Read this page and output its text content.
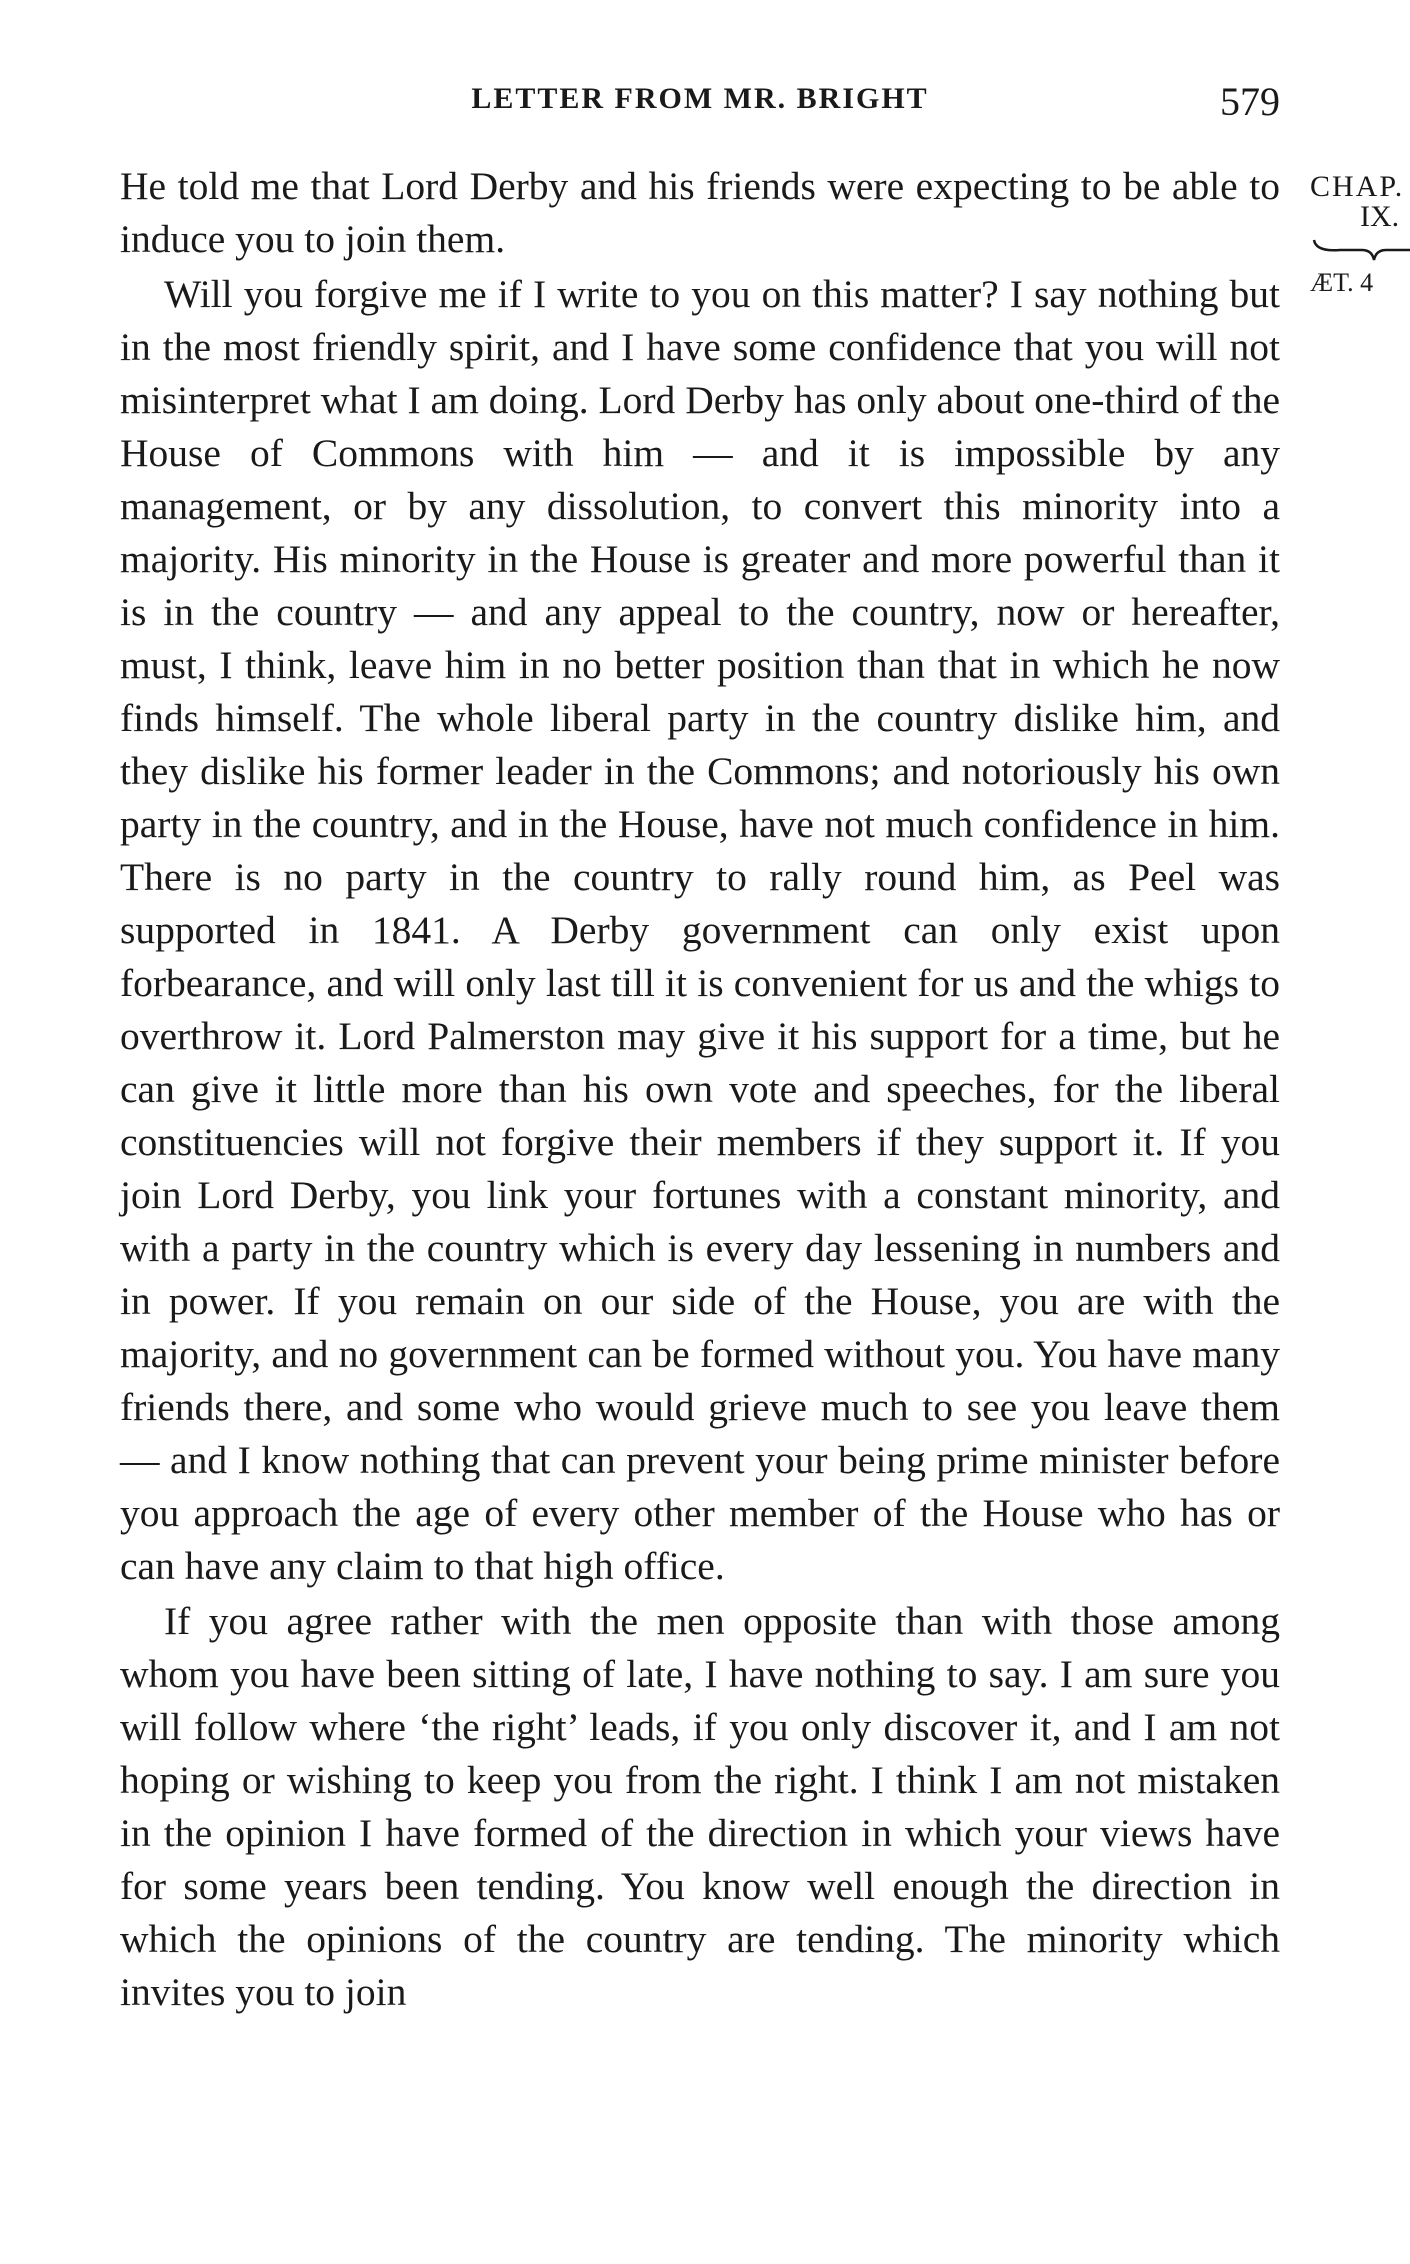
LETTER FROM MR. BRIGHT	579
CHAP.
IX.
ÆT. 4

He told me that Lord Derby and his friends were expecting to be able to induce you to join them.

Will you forgive me if I write to you on this matter? I say nothing but in the most friendly spirit, and I have some confidence that you will not misinterpret what I am doing. Lord Derby has only about one-third of the House of Commons with him — and it is impossible by any management, or by any dissolution, to convert this minority into a majority. His minority in the House is greater and more powerful than it is in the country — and any appeal to the country, now or hereafter, must, I think, leave him in no better position than that in which he now finds himself. The whole liberal party in the country dislike him, and they dislike his former leader in the Commons; and notoriously his own party in the country, and in the House, have not much confidence in him. There is no party in the country to rally round him, as Peel was supported in 1841. A Derby government can only exist upon forbearance, and will only last till it is convenient for us and the whigs to overthrow it. Lord Palmerston may give it his support for a time, but he can give it little more than his own vote and speeches, for the liberal constituencies will not forgive their members if they support it. If you join Lord Derby, you link your fortunes with a constant minority, and with a party in the country which is every day lessening in numbers and in power. If you remain on our side of the House, you are with the majority, and no government can be formed without you. You have many friends there, and some who would grieve much to see you leave them — and I know nothing that can prevent your being prime minister before you approach the age of every other member of the House who has or can have any claim to that high office.

If you agree rather with the men opposite than with those among whom you have been sitting of late, I have nothing to say. I am sure you will follow where ‘the right’ leads, if you only discover it, and I am not hoping or wishing to keep you from the right. I think I am not mistaken in the opinion I have formed of the direction in which your views have for some years been tending. You know well enough the direction in which the opinions of the country are tending. The minority which invites you to join
